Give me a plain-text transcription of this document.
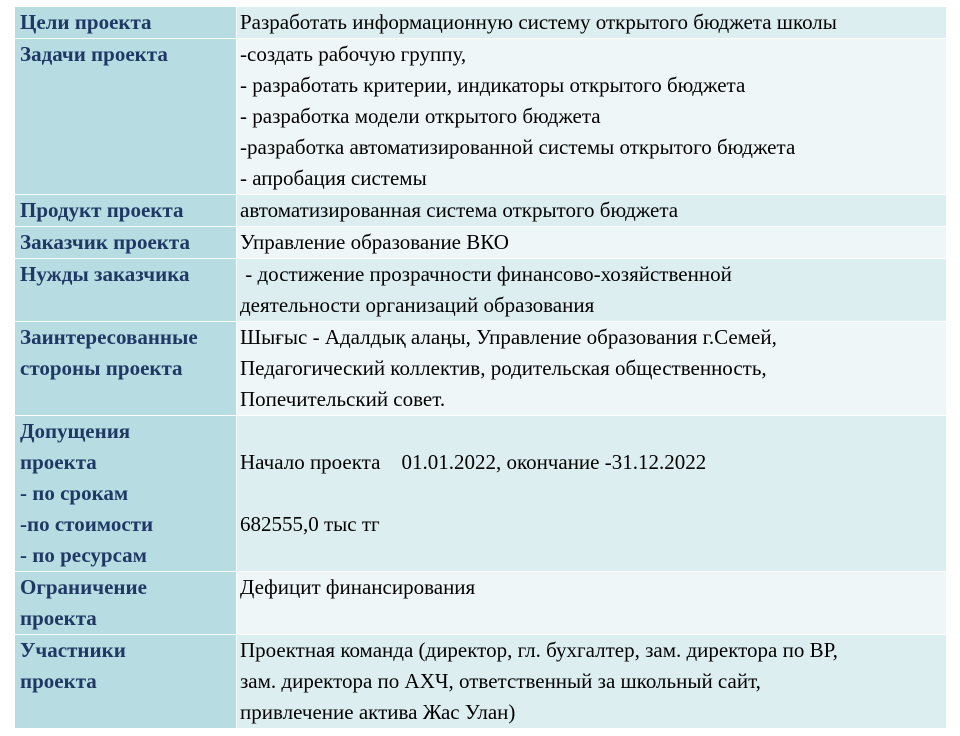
Цели проекта	Разработать информационную систему открытого бюджета школы

Задачи проекта	-создать рабочую группу,
- разработать критерии, индикаторы открытого бюджета
- разработка модели открытого бюджета
-разработка автоматизированной системы открытого бюджета
- апробация системы

Продукт проекта	автоматизированная система открытого бюджета

Заказчик проекта	Управление образование ВКО

Нужды заказчика	- достижение прозрачности финансово-хозяйственной
деятельности организаций образования

Заинтересованные
стороны проекта	Шығыс - Адалдық алаңы, Управление образования г.Семей,
Педагогический коллектив, родительская общественность,
Попечительский совет.

Допущения
проекта
- по срокам
-по стоимости
- по ресурсам	Начало проекта    01.01.2022, окончание -31.12.2022
682555,0 тыс тг

Ограничение
проекта	Дефицит финансирования

Участники
проекта	Проектная команда (директор, гл. бухгалтер, зам. директора по ВР,
зам. директора по АХЧ, ответственный за школьный сайт,
привлечение актива Жас Улан)
